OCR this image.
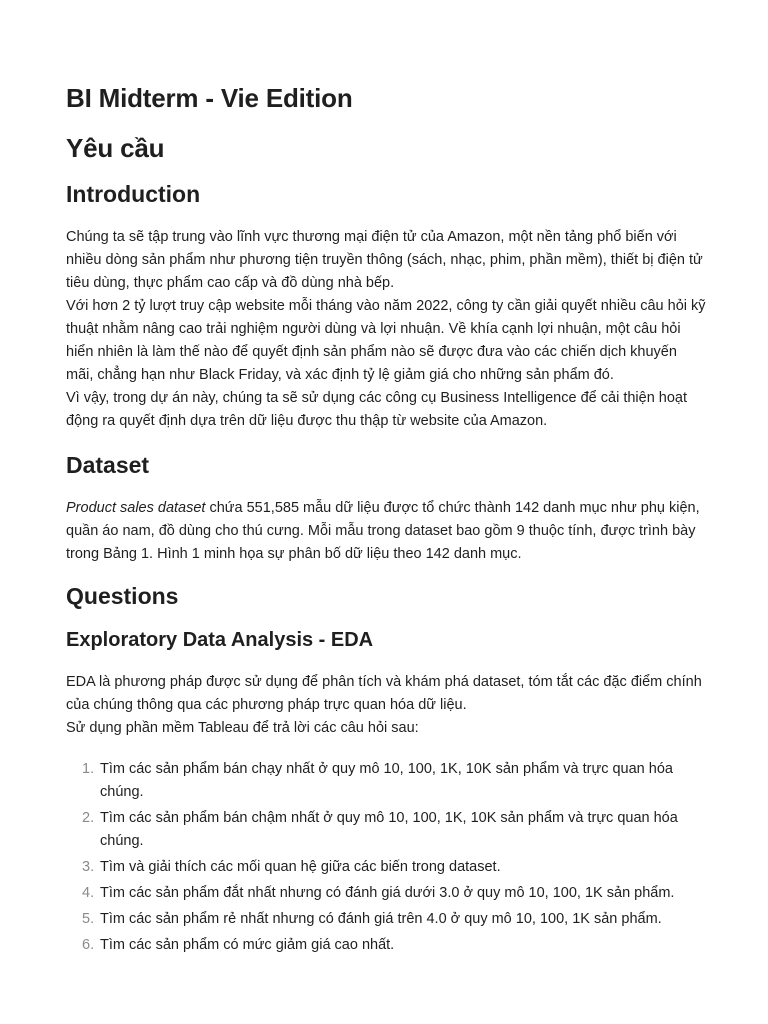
BI Midterm - Vie Edition
Yêu cầu
Introduction

Chúng ta sẽ tập trung vào lĩnh vực thương mại điện tử của Amazon, một nền tảng phổ biến với nhiều dòng sản phẩm như phương tiện truyền thông (sách, nhạc, phim, phần mềm), thiết bị điện tử tiêu dùng, thực phẩm cao cấp và đồ dùng nhà bếp.

Với hơn 2 tỷ lượt truy cập website mỗi tháng vào năm 2022, công ty cần giải quyết nhiều câu hỏi kỹ thuật nhằm nâng cao trải nghiệm người dùng và lợi nhuận. Về khía cạnh lợi nhuận, một câu hỏi hiển nhiên là làm thế nào để quyết định sản phẩm nào sẽ được đưa vào các chiến dịch khuyến mãi, chẳng hạn như Black Friday, và xác định tỷ lệ giảm giá cho những sản phẩm đó.

Vì vậy, trong dự án này, chúng ta sẽ sử dụng các công cụ Business Intelligence để cải thiện hoạt động ra quyết định dựa trên dữ liệu được thu thập từ website của Amazon.

Dataset

Product sales dataset chứa 551,585 mẫu dữ liệu được tổ chức thành 142 danh mục như phụ kiện, quần áo nam, đồ dùng cho thú cưng. Mỗi mẫu trong dataset bao gồm 9 thuộc tính, được trình bày trong Bảng 1. Hình 1 minh họa sự phân bố dữ liệu theo 142 danh mục.

Questions
Exploratory Data Analysis - EDA

EDA là phương pháp được sử dụng để phân tích và khám phá dataset, tóm tắt các đặc điểm chính của chúng thông qua các phương pháp trực quan hóa dữ liệu.

Sử dụng phần mềm Tableau để trả lời các câu hỏi sau:

1. Tìm các sản phẩm bán chạy nhất ở quy mô 10, 100, 1K, 10K sản phẩm và trực quan hóa chúng.
2. Tìm các sản phẩm bán chậm nhất ở quy mô 10, 100, 1K, 10K sản phẩm và trực quan hóa chúng.
3. Tìm và giải thích các mối quan hệ giữa các biến trong dataset.
4. Tìm các sản phẩm đắt nhất nhưng có đánh giá dưới 3.0 ở quy mô 10, 100, 1K sản phẩm.
5. Tìm các sản phẩm rẻ nhất nhưng có đánh giá trên 4.0 ở quy mô 10, 100, 1K sản phẩm.
6. Tìm các sản phẩm có mức giảm giá cao nhất.
